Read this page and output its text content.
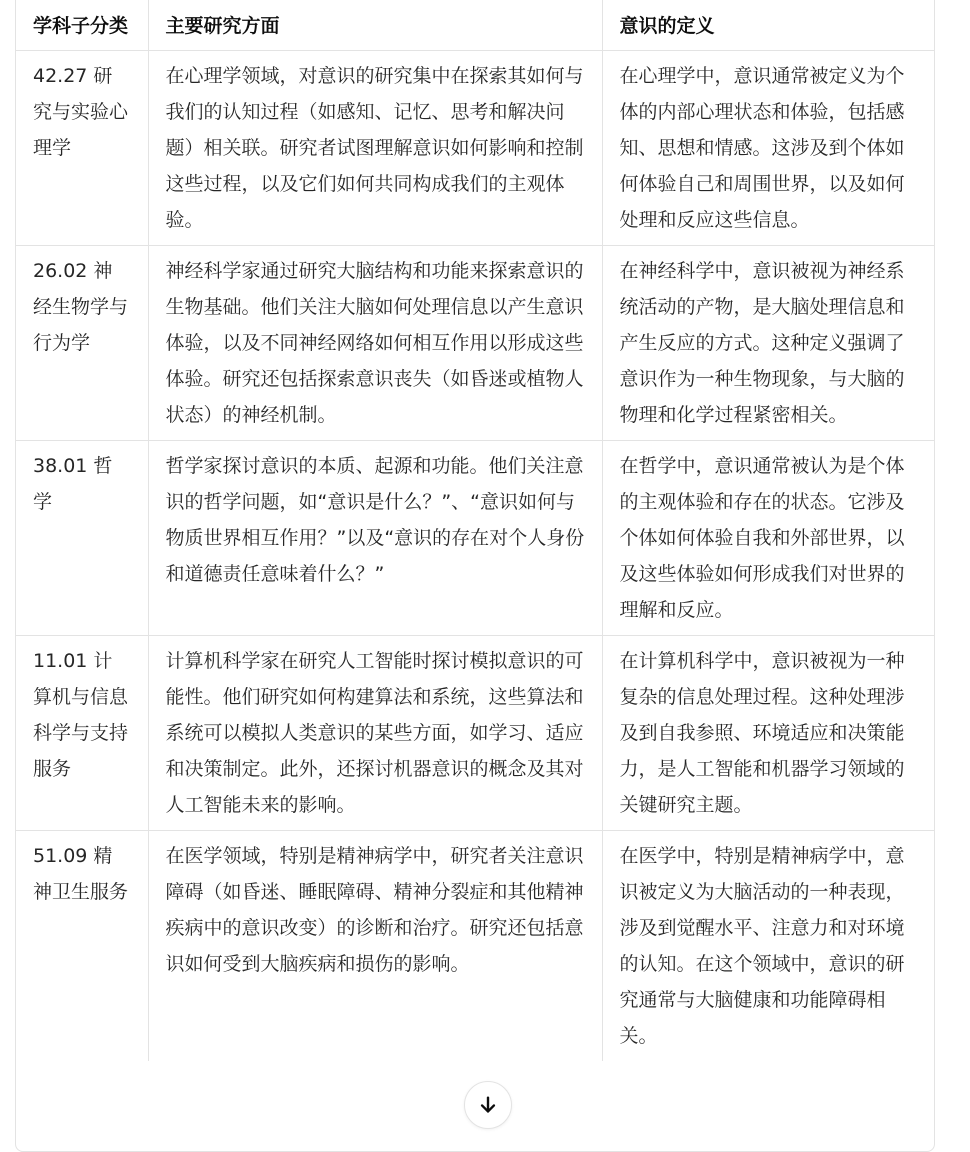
学科子分类	主要研究方面	意识的定义
42.27 研究与实验心理学	在心理学领域，对意识的研究集中在探索其如何与我们的认知过程（如感知、记忆、思考和解决问题）相关联。研究者试图理解意识如何影响和控制这些过程，以及它们如何共同构成我们的主观体验。	在心理学中，意识通常被定义为个体的内部心理状态和体验，包括感知、思想和情感。这涉及到个体如何体验自己和周围世界，以及如何处理和反应这些信息。
26.02 神经生物学与行为学	神经科学家通过研究大脑结构和功能来探索意识的生物基础。他们关注大脑如何处理信息以产生意识体验，以及不同神经网络如何相互作用以形成这些体验。研究还包括探索意识丧失（如昏迷或植物人状态）的神经机制。	在神经科学中，意识被视为神经系统活动的产物，是大脑处理信息和产生反应的方式。这种定义强调了意识作为一种生物现象，与大脑的物理和化学过程紧密相关。
38.01 哲学	哲学家探讨意识的本质、起源和功能。他们关注意识的哲学问题，如“意识是什么？”、“意识如何与物质世界相互作用？”以及“意识的存在对个人身份和道德责任意味着什么？”	在哲学中，意识通常被认为是个体的主观体验和存在的状态。它涉及个体如何体验自我和外部世界，以及这些体验如何形成我们对世界的理解和反应。
11.01 计算机与信息科学与支持服务	计算机科学家在研究人工智能时探讨模拟意识的可能性。他们研究如何构建算法和系统，这些算法和系统可以模拟人类意识的某些方面，如学习、适应和决策制定。此外，还探讨机器意识的概念及其对人工智能未来的影响。	在计算机科学中，意识被视为一种复杂的信息处理过程。这种处理涉及到自我参照、环境适应和决策能力，是人工智能和机器学习领域的关键研究主题。
51.09 精神卫生服务	在医学领域，特别是精神病学中，研究者关注意识障碍（如昏迷、睡眠障碍、精神分裂症和其他精神疾病中的意识改变）的诊断和治疗。研究还包括意识如何受到大脑疾病和损伤的影响。	在医学中，特别是精神病学中，意识被定义为大脑活动的一种表现，涉及到觉醒水平、注意力和对环境的认知。在这个领域中，意识的研究通常与大脑健康和功能障碍相关。
